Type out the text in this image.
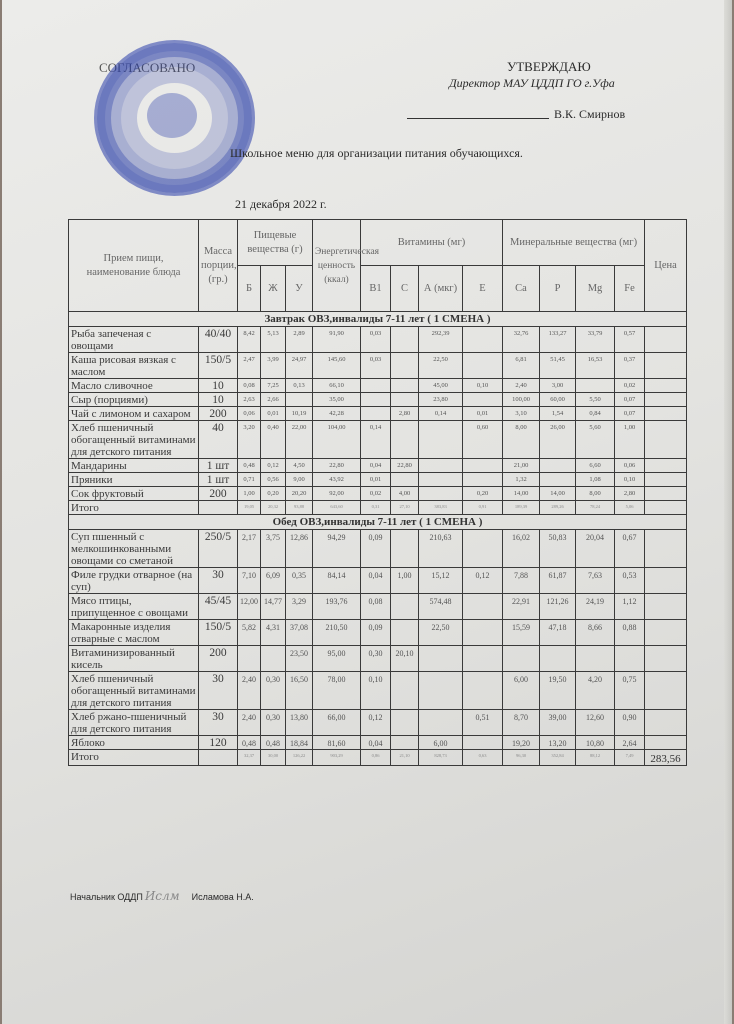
СОГЛАСОВАНО	УТВЕРЖДАЮ
Директор МАУ ЦДДП ГО г.Уфа
В.К. Смирнов
Школьное меню для организации питания обучающихся.
21 декабря 2022 г.
Прием пищи, наименование блюда	Масса порции, (гр.)	Пищевые вещества (г)			Энергетическая ценность (ккал)	Витамины (мг)				Минеральные вещества (мг)				Цена
		Б	Ж	У		B1	С	А (мкг)	E	Ca	P	Mg	Fe	
Завтрак ОВЗ,инвалиды 7-11 лет ( 1 СМЕНА )														
Рыба запеченая с овощами	40/40	8,42	5,13	2,89	91,90	0,03		292,39		32,76	133,27	33,79	0,57	
Каша рисовая вязкая с маслом	150/5	2,47	3,99	24,97	145,60	0,03		22,50		6,81	51,45	16,53	0,37	
Масло сливочное	10	0,08	7,25	0,13	66,10			45,00	0,10	2,40	3,00		0,02	
Сыр (порциями)	10	2,63	2,66		35,00			23,80		100,00	60,00	5,50	0,07	
Чай с лимоном и сахаром	200	0,06	0,01	10,19	42,28		2,80	0,14	0,01	3,10	1,54	0,84	0,07	
Хлеб пшеничный обогащенный витаминами для детского питания	40	3,20	0,40	22,00	104,00	0,14			0,60	8,00	26,00	5,60	1,00	
Мандарины	1 шт	0,48	0,12	4,50	22,80	0,04	22,80			21,00		6,60	0,06	
Пряники	1 шт	0,71	0,56	9,00	43,92	0,01				1,32		1,08	0,10	
Сок фруктовый	200	1,00	0,20	20,20	92,00	0,02	4,00		0,20	14,00	14,00	8,00	2,80	
Итого		19,05	20,32	93,88	643,60	0,31	27,10	383,83	0,91	189,39	289,26	78,24	5,06	
Обед ОВЗ,инвалиды 7-11 лет ( 1 СМЕНА )														
Суп пшенный с мелкошинкованными овощами со сметаной	250/5	2,17	3,75	12,86	94,29	0,09		210,63		16,02	50,83	20,04	0,67	
Филе грудки отварное (на суп)	30	7,10	6,09	0,35	84,14	0,04	1,00	15,12	0,12	7,88	61,87	7,63	0,53	
Мясо птицы, припущенное с овощами	45/45	12,00	14,77	3,29	193,76	0,08		574,48		22,91	121,26	24,19	1,12	
Макаронные изделия отварные с маслом	150/5	5,82	4,31	37,08	210,50	0,09		22,50		15,59	47,18	8,66	0,88	
Витаминизированный кисель	200			23,50	95,00	0,30	20,10							
Хлеб пшеничный обогащенный витаминами для детского питания	30	2,40	0,30	16,50	78,00	0,10				6,00	19,50	4,20	0,75	
Хлеб ржано-пшеничный для детского питания	30	2,40	0,30	13,80	66,00	0,12			0,51	8,70	39,00	12,60	0,90	
Яблоко	120	0,48	0,48	18,84	81,60	0,04		6,00		19,20	13,20	10,80	2,64	
Итого		32,37	30,00	126,22	903,29	0,86	21,10	828,73	0,63	96,30	352,84	88,12	7,49	283,56
Начальник ОДДП Ислм Исламова Н.А.
